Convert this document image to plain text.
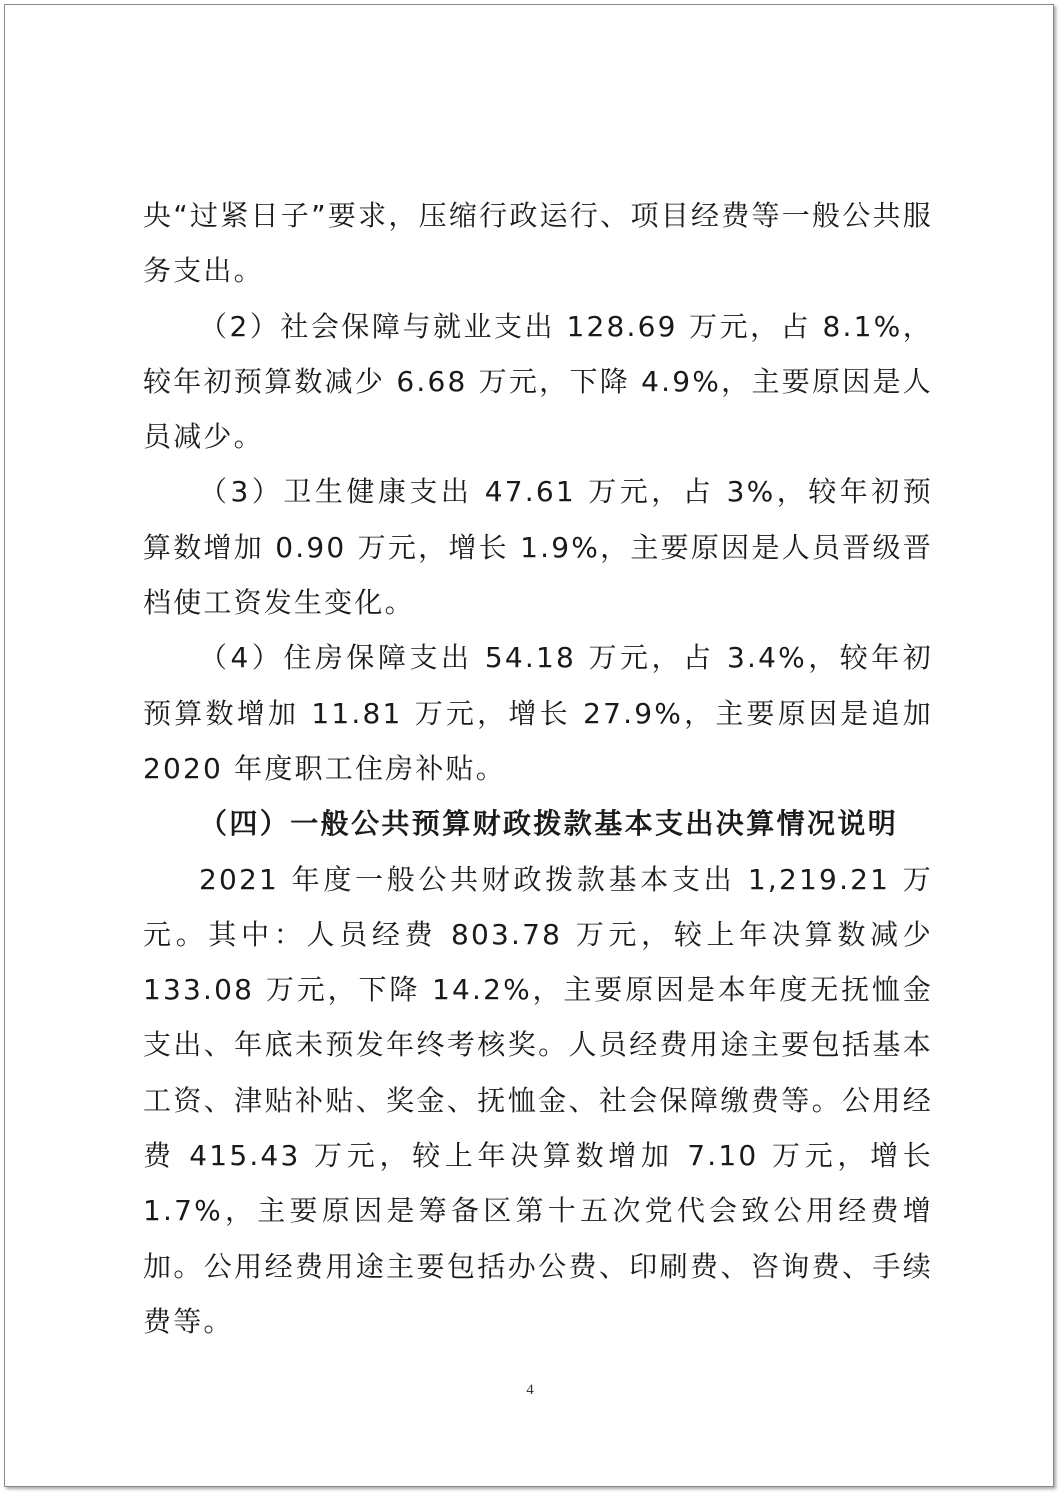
央“过紧日子”要求，压缩行政运行、项目经费等一般公共服务支出。

（2）社会保障与就业支出 128.69 万元，占 8.1%，较年初预算数减少 6.68 万元，下降 4.9%，主要原因是人员减少。

（3）卫生健康支出 47.61 万元，占 3%，较年初预算数增加 0.90 万元，增长 1.9%，主要原因是人员晋级晋档使工资发生变化。

（4）住房保障支出 54.18 万元，占 3.4%，较年初预算数增加 11.81 万元，增长 27.9%，主要原因是追加 2020 年度职工住房补贴。

（四）一般公共预算财政拨款基本支出决算情况说明

2021 年度一般公共财政拨款基本支出 1,219.21 万元。其中：人员经费 803.78 万元，较上年决算数减少 133.08 万元，下降 14.2%，主要原因是本年度无抚恤金支出、年底未预发年终考核奖。人员经费用途主要包括基本工资、津贴补贴、奖金、抚恤金、社会保障缴费等。公用经费 415.43 万元，较上年决算数增加 7.10 万元，增长 1.7%，主要原因是筹备区第十五次党代会致公用经费增加。公用经费用途主要包括办公费、印刷费、咨询费、手续费等。

4
